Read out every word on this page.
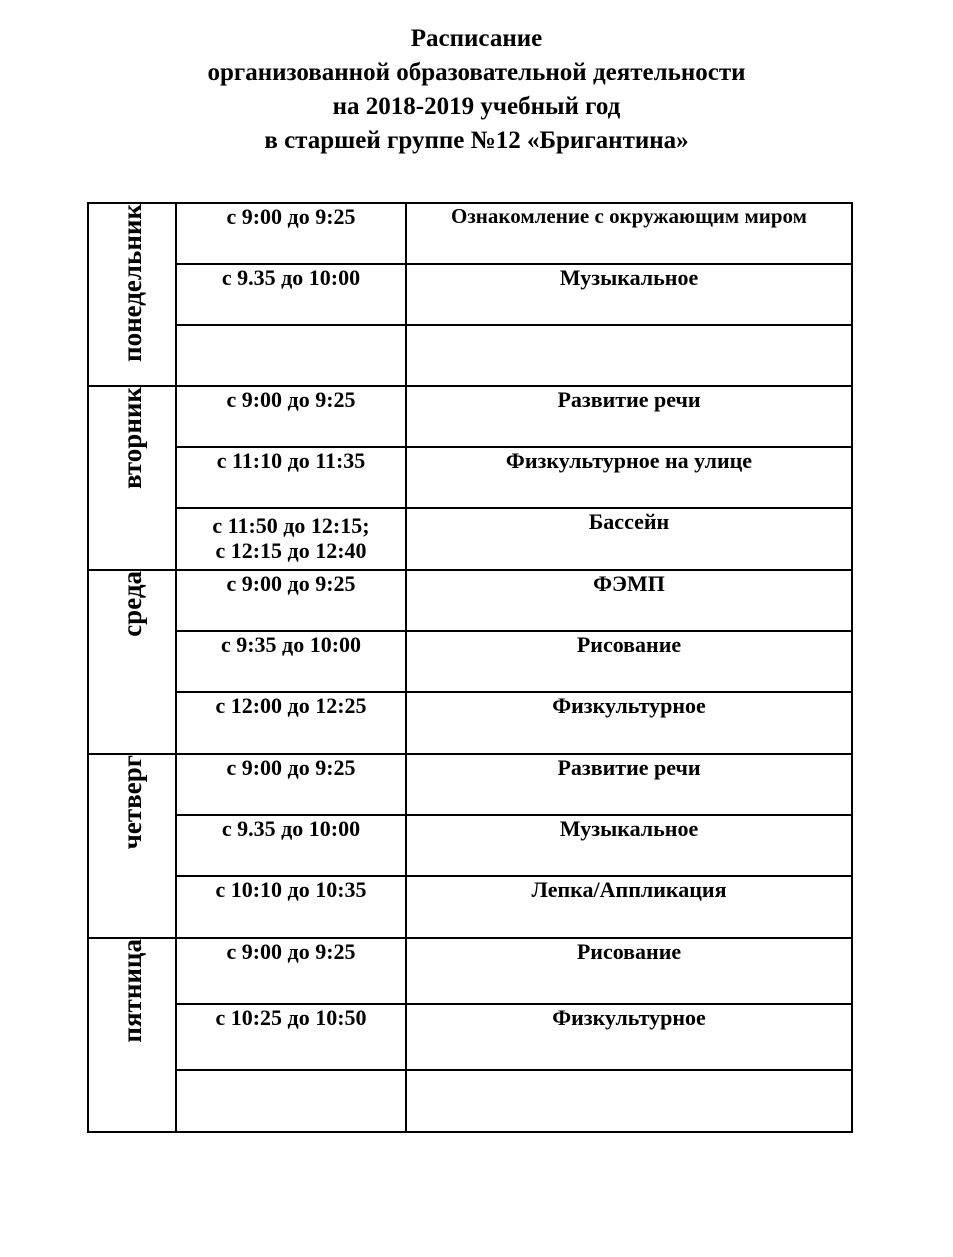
Расписание
организованной образовательной деятельности
на 2018-2019 учебный год
в старшей группе №12 «Бригантина»
понедельник	с 9:00 до 9:25	Ознакомление с окружающим миром

	с 9.35 до 10:00	Музыкальное

вторник	с 9:00 до 9:25	Развитие речи

	с 11:10 до 11:35	Физкультурное на улице

	с 11:50 до 12:15;
с 12:15 до 12:40	Бассейн
среда	с 9:00 до 9:25	ФЭМП

	с 9:35 до 10:00	Рисование

	с 12:00 до 12:25	Физкультурное
четверг	с 9:00 до 9:25	Развитие речи

	с 9.35 до 10:00	Музыкальное

	с 10:10 до 10:35	Лепка/Аппликация
пятница	с 9:00 до 9:25	Рисование

	с 10:25 до 10:50	Физкультурное
